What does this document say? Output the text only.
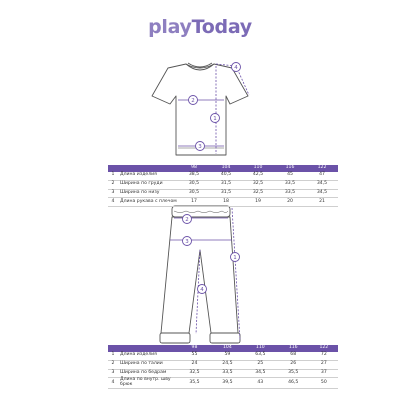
playToday
4
2
1
3
2
3
1
4
		98	104	110	116	122
1	Длина изделия	38,5	40,5	42,5	45	47
2	Ширина по груди	30,5	31,5	32,5	33,5	34,5
3	Ширина по низу	30,5	31,5	32,5	33,5	34,5
4	Длина рукава с плечом	17	18	19	20	21
		98	104	110	116	122
1	Длина изделия	55	59	63,5	68	72
2	Ширина по талии	24	24,5	25	26	27
3	Ширина по бедрам	32,5	33,5	34,5	35,5	37
4	Длина по внутр. шву брюк	35,5	39,5	43	46,5	50
